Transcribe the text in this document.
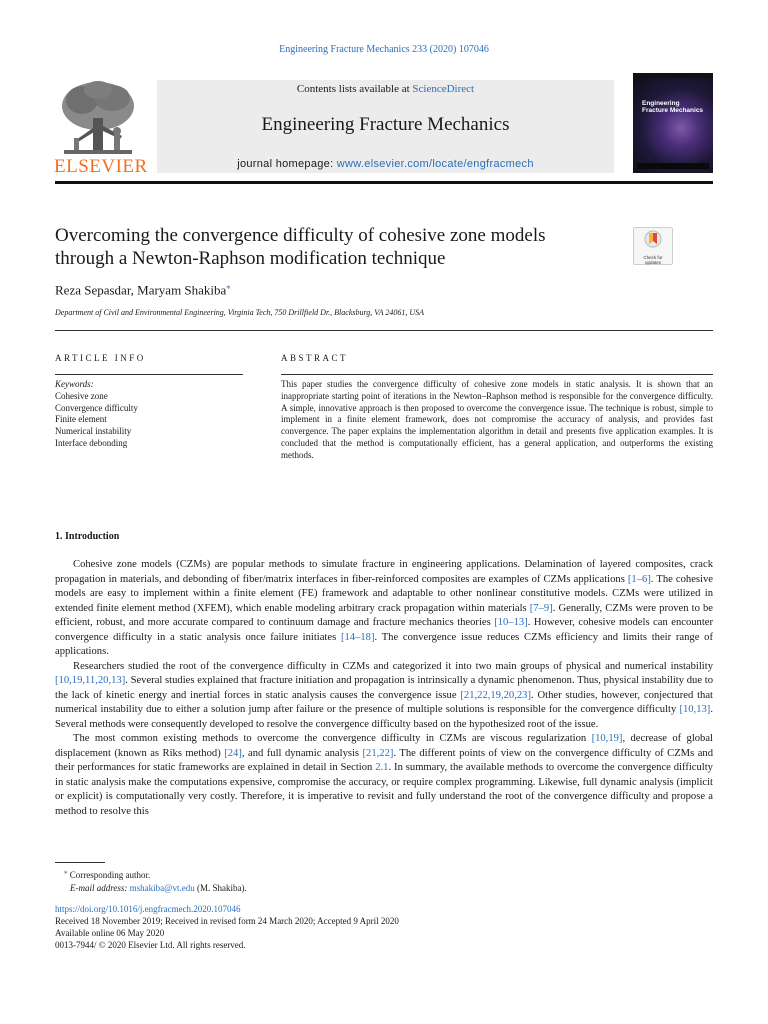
Engineering Fracture Mechanics 233 (2020) 107046
ELSEVIER
Contents lists available at ScienceDirect
Engineering Fracture Mechanics
journal homepage: www.elsevier.com/locate/engfracmech
Engineering
Fracture Mechanics
Overcoming the convergence difficulty of cohesive zone models
through a Newton-Raphson modification technique	Check for
updates
Reza Sepasdar, Maryam Shakiba⁎
Department of Civil and Environmental Engineering, Virginia Tech, 750 Drillfield Dr., Blacksburg, VA 24061, USA
ARTICLE INFO
Keywords:
Cohesive zone
Convergence difficulty
Finite element
Numerical instability
Interface debonding
ABSTRACT
This paper studies the convergence difficulty of cohesive zone models in static analysis. It is shown that an inappropriate starting point of iterations in the Newton–Raphson method is responsible for the convergence difficulty. A simple, innovative approach is then proposed to overcome the convergence issue. The technique is robust, simple to implement in a finite element framework, does not compromise the accuracy of analysis, and provides fast convergence. The paper explains the implementation algorithm in detail and presents five application examples. It is concluded that the method is computationally efficient, has a general application, and outperforms the existing methods.
1. Introduction

Cohesive zone models (CZMs) are popular methods to simulate fracture in engineering applications. Delamination of layered composites, crack propagation in materials, and debonding of fiber/matrix interfaces in fiber-reinforced composites are examples of CZMs applications [1–6]. The cohesive models are easy to implement within a finite element (FE) framework and adaptable to other nonlinear constitutive models. CZMs were utilized in extended finite element method (XFEM), which enable modeling arbitrary crack propagation within materials [7–9]. Generally, CZMs were proven to be efficient, robust, and more accurate compared to continuum damage and fracture mechanics theories [10–13]. However, cohesive models can encounter convergence difficulty in a static analysis once failure initiates [14–18]. The convergence issue reduces CZMs efficiency and limits their range of applications.

Researchers studied the root of the convergence difficulty in CZMs and categorized it into two main groups of physical and numerical instability [10,19,11,20,13]. Several studies explained that fracture initiation and propagation is intrinsically a dynamic phenomenon. Thus, physical instability due to the lack of kinetic energy and inertial forces in static analysis causes the convergence issue [21,22,19,20,23]. Other studies, however, conjectured that numerical instability due to either a solution jump after failure or the presence of multiple solutions is responsible for the convergence difficulty [10,13]. Several methods were consequently developed to resolve the convergence difficulty based on the hypothesized root of the issue.

The most common existing methods to overcome the convergence difficulty in CZMs are viscous regularization [10,19], decrease of global displacement (known as Riks method) [24], and full dynamic analysis [21,22]. The different points of view on the convergence difficulty of CZMs and their performances for static frameworks are explained in detail in Section 2.1. In summary, the available methods to overcome the convergence difficulty in static analysis make the computations expensive, compromise the accuracy, or require complex programming. Likewise, full dynamic analysis (implicit or explicit) is computationally very costly. Therefore, it is imperative to revisit and fully understand the root of the convergence difficulty and propose a method to resolve this

⁎ Corresponding author.
E-mail address: mshakiba@vt.edu (M. Shakiba).
https://doi.org/10.1016/j.engfracmech.2020.107046
Received 18 November 2019; Received in revised form 24 March 2020; Accepted 9 April 2020
Available online 06 May 2020
0013-7944/ © 2020 Elsevier Ltd. All rights reserved.
